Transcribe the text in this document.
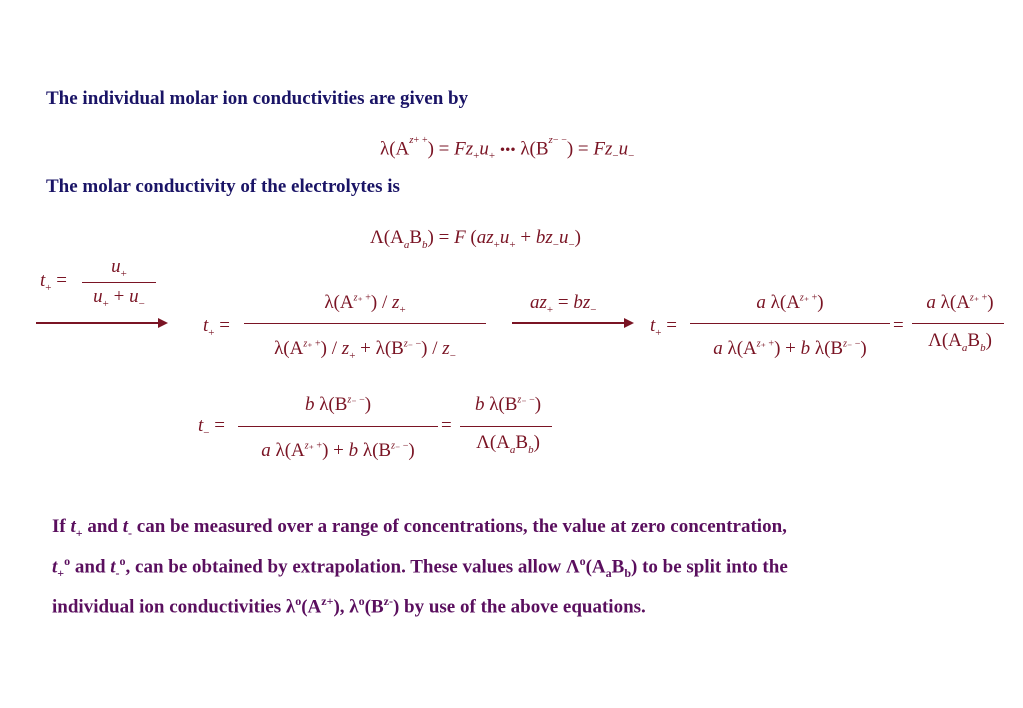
The individual molar ion conductivities are given by
The molar conductivity of the electrolytes is
$\lambda(A^{z+ +}) = Fz_+u_+$ ••• $\lambda(B^{z- -}) = Fz_-u_-$
$\Lambda(A_aB_b) = F$ $(az_+u_+ + bz_-u_-)$
$t_+$ =
$u_+$
$u_+ + u_-$
$t_+$ =
$\lambda(A^{z_+ +}) / z_+$
$\lambda(A^{z_+ +}) / z_+ + \lambda(B^{z_- -}) / z_-$
$az_+ = bz_-$
$t_+$ =
a $\lambda(A^{z_+ +})$
a $\lambda(A^{z_+ +}) + b$ $\lambda(B^{z_- -})$
=
a $\lambda(A^{z_+ +})$
$\Lambda(A_aB_b)$
$t_-$ =
b $\lambda(B^{z_- -})$
a $\lambda(A^{z_+ +}) + b$ $\lambda(B^{z_- -})$
=
b $\lambda(B^{z_- -})$
$\Lambda(A_aB_b)$
If $t_+$ and $t_-$ can be measured over a range of concentrations, the value at zero concentration,
$t_+^o$ and $t_-^o$, can be obtained by extrapolation. These values allow $\Lambda^o(A_aB_b)$ to be split into the
individual ion conductivities $\lambda^o(A^{z+})$, $\lambda^o(B^{z-})$ by use of the above equations.
